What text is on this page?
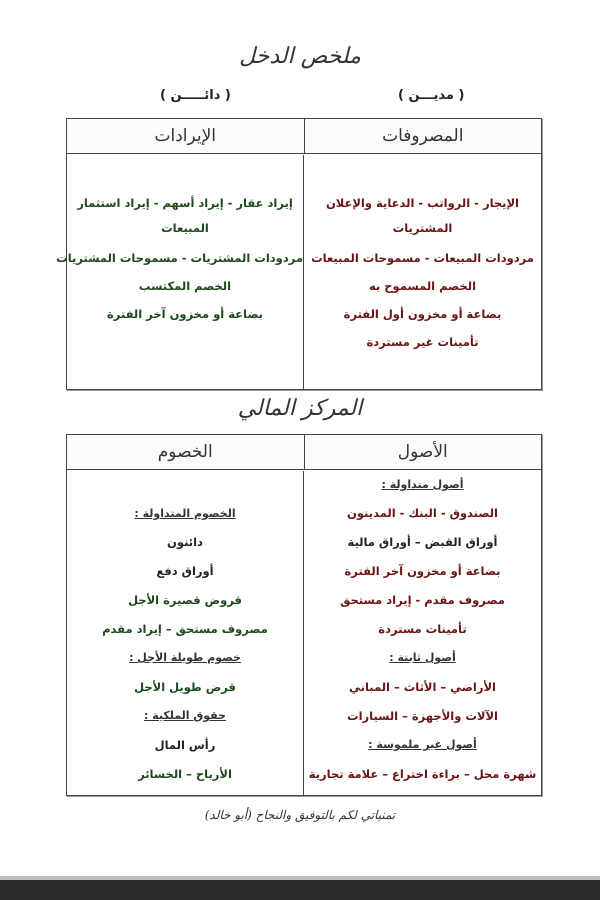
ملخص الدخل
( دائـــــن )	( مديـــن )
الإيرادات	المصروفات
إيراد عقار - إيراد أسهم - إيراد استثمار
المبيعات
مردودات المشتريات - مسموحات المشتريات
الخصم المكتسب
بضاعة أو مخزون آخر الفترة
الإيجار - الرواتب - الدعاية والإعلان
المشتريات
مردودات المبيعات - مسموحات المبيعات
الخصم المسموح به
بضاعة أو مخزون أول الفترة
تأمينات غير مستردة
المركز المالي
الخصوم	الأصول
الخصوم المتداولة :
دائنون
أوراق دفع
قروض قصيرة الأجل
مصروف مستحق – إيراد مقدم
خصوم طويلة الأجل :
قرض طويل الأجل
حقوق الملكية :
رأس المال
الأرباح – الخسائر
أصول متداولة :
الصندوق - البنك - المدينون
أوراق القبض – أوراق مالية
بضاعة أو مخزون آخر الفترة
مصروف مقدم - إيراد مستحق
تأمينات مستردة
أصول ثابتة :
الأراضي – الأثاث – المباني
الآلات والأجهزة – السيارات
أصول غير ملموسة :
شهرة محل – براءة اختراع – علامة تجارية
تمنياتي لكم بالتوفيق والنجاح (أبو خالد)
